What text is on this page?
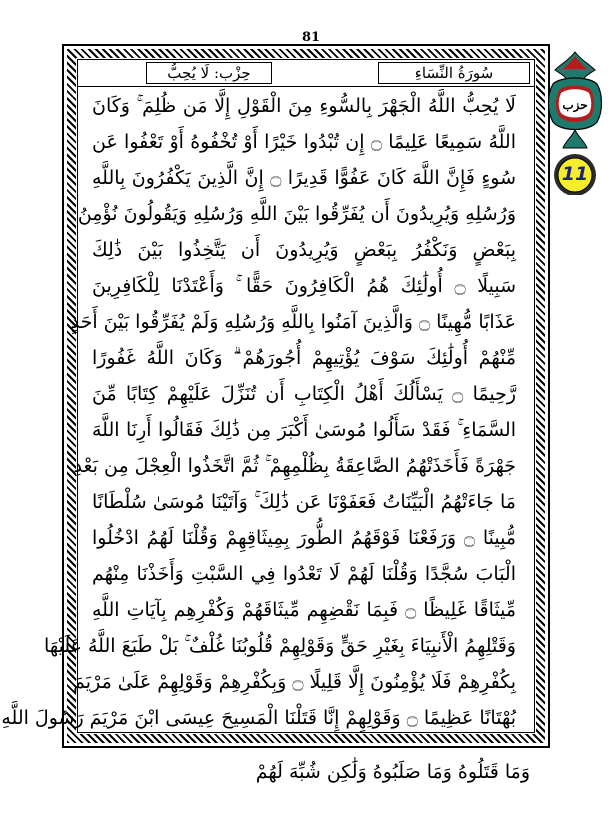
81
سُورَةُ النِّسَاءِ
حِزْب: لَا يُحِبُّ
لَا يُحِبُّ اللَّهُ الْجَهْرَ بِالسُّوءِ مِنَ الْقَوْلِ إِلَّا مَن ظُلِمَ ۚ وَكَانَ
اللَّهُ سَمِيعًا عَلِيمًا ۝ إِن تُبْدُوا خَيْرًا أَوْ تُخْفُوهُ أَوْ تَعْفُوا عَن
سُوءٍ فَإِنَّ اللَّهَ كَانَ عَفُوًّا قَدِيرًا ۝ إِنَّ الَّذِينَ يَكْفُرُونَ بِاللَّهِ
وَرُسُلِهِ وَيُرِيدُونَ أَن يُفَرِّقُوا بَيْنَ اللَّهِ وَرُسُلِهِ وَيَقُولُونَ نُؤْمِنُ
بِبَعْضٍ وَنَكْفُرُ بِبَعْضٍ وَيُرِيدُونَ أَن يَتَّخِذُوا بَيْنَ ذَٰلِكَ
سَبِيلًا ۝ أُولَٰئِكَ هُمُ الْكَافِرُونَ حَقًّا ۚ وَأَعْتَدْنَا لِلْكَافِرِينَ
عَذَابًا مُّهِينًا ۝ وَالَّذِينَ آمَنُوا بِاللَّهِ وَرُسُلِهِ وَلَمْ يُفَرِّقُوا بَيْنَ أَحَدٍ
مِّنْهُمْ أُولَٰئِكَ سَوْفَ يُؤْتِيهِمْ أُجُورَهُمْ ۗ وَكَانَ اللَّهُ غَفُورًا
رَّحِيمًا ۝ يَسْأَلُكَ أَهْلُ الْكِتَابِ أَن تُنَزِّلَ عَلَيْهِمْ كِتَابًا مِّنَ
السَّمَاءِ ۚ فَقَدْ سَأَلُوا مُوسَىٰ أَكْبَرَ مِن ذَٰلِكَ فَقَالُوا أَرِنَا اللَّهَ
جَهْرَةً فَأَخَذَتْهُمُ الصَّاعِقَةُ بِظُلْمِهِمْ ۚ ثُمَّ اتَّخَذُوا الْعِجْلَ مِن بَعْدِ
مَا جَاءَتْهُمُ الْبَيِّنَاتُ فَعَفَوْنَا عَن ذَٰلِكَ ۚ وَآتَيْنَا مُوسَىٰ سُلْطَانًا
مُّبِينًا ۝ وَرَفَعْنَا فَوْقَهُمُ الطُّورَ بِمِيثَاقِهِمْ وَقُلْنَا لَهُمُ ادْخُلُوا
الْبَابَ سُجَّدًا وَقُلْنَا لَهُمْ لَا تَعْدُوا فِي السَّبْتِ وَأَخَذْنَا مِنْهُم
مِّيثَاقًا غَلِيظًا ۝ فَبِمَا نَقْضِهِم مِّيثَاقَهُمْ وَكُفْرِهِم بِآيَاتِ اللَّهِ
وَقَتْلِهِمُ الْأَنبِيَاءَ بِغَيْرِ حَقٍّ وَقَوْلِهِمْ قُلُوبُنَا غُلْفٌ ۚ بَلْ طَبَعَ اللَّهُ عَلَيْهَا
بِكُفْرِهِمْ فَلَا يُؤْمِنُونَ إِلَّا قَلِيلًا ۝ وَبِكُفْرِهِمْ وَقَوْلِهِمْ عَلَىٰ مَرْيَمَ
بُهْتَانًا عَظِيمًا ۝ وَقَوْلِهِمْ إِنَّا قَتَلْنَا الْمَسِيحَ عِيسَى ابْنَ مَرْيَمَ رَسُولَ اللَّهِ
حزب
11
وَمَا قَتَلُوهُ وَمَا صَلَبُوهُ وَلَٰكِن شُبِّهَ لَهُمْ
